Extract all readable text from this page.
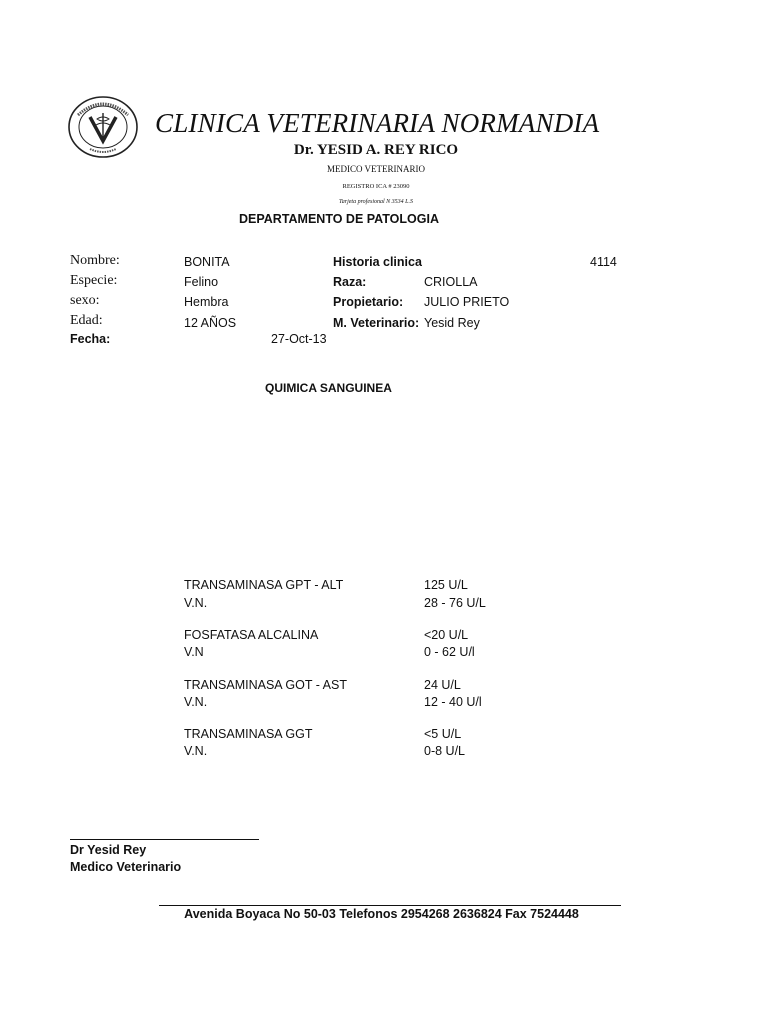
CLINICA VETERINARIA NORMANDIA
Dr. YESID A. REY RICO
MEDICO VETERINARIO
REGISTRO ICA # 23090
Tarjeta profesional N 3534 L.S
DEPARTAMENTO DE PATOLOGIA
Nombre:	BONITA	Historia clinica	4114
Especie:	Felino	Raza:	CRIOLLA
sexo:	Hembra	Propietario: JULIO PRIETO
Edad:	12 AÑOS	M. Veterinario: Yesid Rey
Fecha:	27-Oct-13
QUIMICA SANGUINEA
TRANSAMINASA GPT - ALT	125 U/L
V.N.	28 - 76 U/L
FOSFATASA ALCALINA	<20 U/L
V.N	0 - 62 U/l
TRANSAMINASA GOT - AST	24 U/L
V.N.	12 - 40 U/l
TRANSAMINASA GGT	<5 U/L
V.N.	0-8 U/L
Dr Yesid Rey
Medico Veterinario
Avenida Boyaca No 50-03 Telefonos 2954268 2636824 Fax 7524448
